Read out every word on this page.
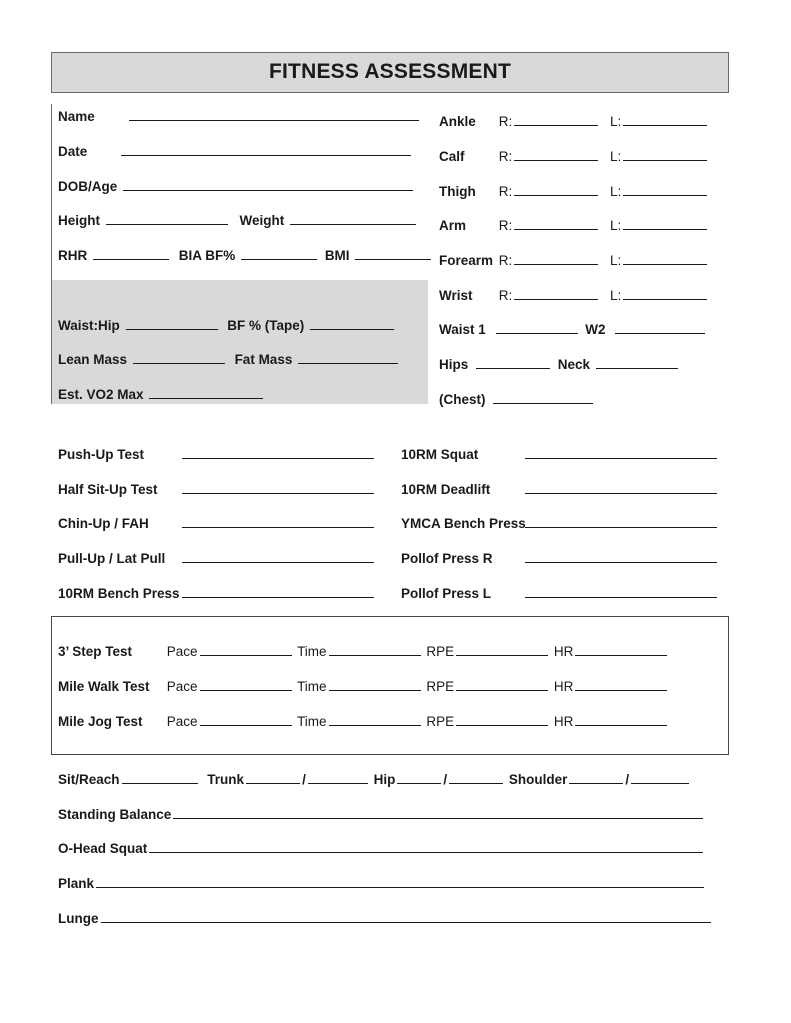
FITNESS ASSESSMENT
Name
Date
DOB/Age
Height	Weight
RHR	BIA BF%	BMI
Waist:Hip	BF % (Tape)
Lean Mass	Fat Mass
Est. VO2 Max
Ankle R:	L:
Calf	R:	L:
Thigh R:	L:
Arm R:	L:
Forearm R:	L:
Wrist R:	L:
Waist 1	W2
Hips	Neck
(Chest)
Push-Up Test
Half Sit-Up Test
Chin-Up / FAH
Pull-Up / Lat Pull
10RM Bench Press
10RM Squat
10RM Deadlift
YMCA Bench Press
Pollof Press R
Pollof Press L
3’ Step Test	Pace	Time	RPE	HR
Mile Walk Test Pace	Time	RPE	HR
Mile Jog Test Pace	Time	RPE	HR
Sit/Reach	Trunk	/	Hip	/	Shoulder	/
Standing Balance
O-Head Squat
Plank
Lunge
